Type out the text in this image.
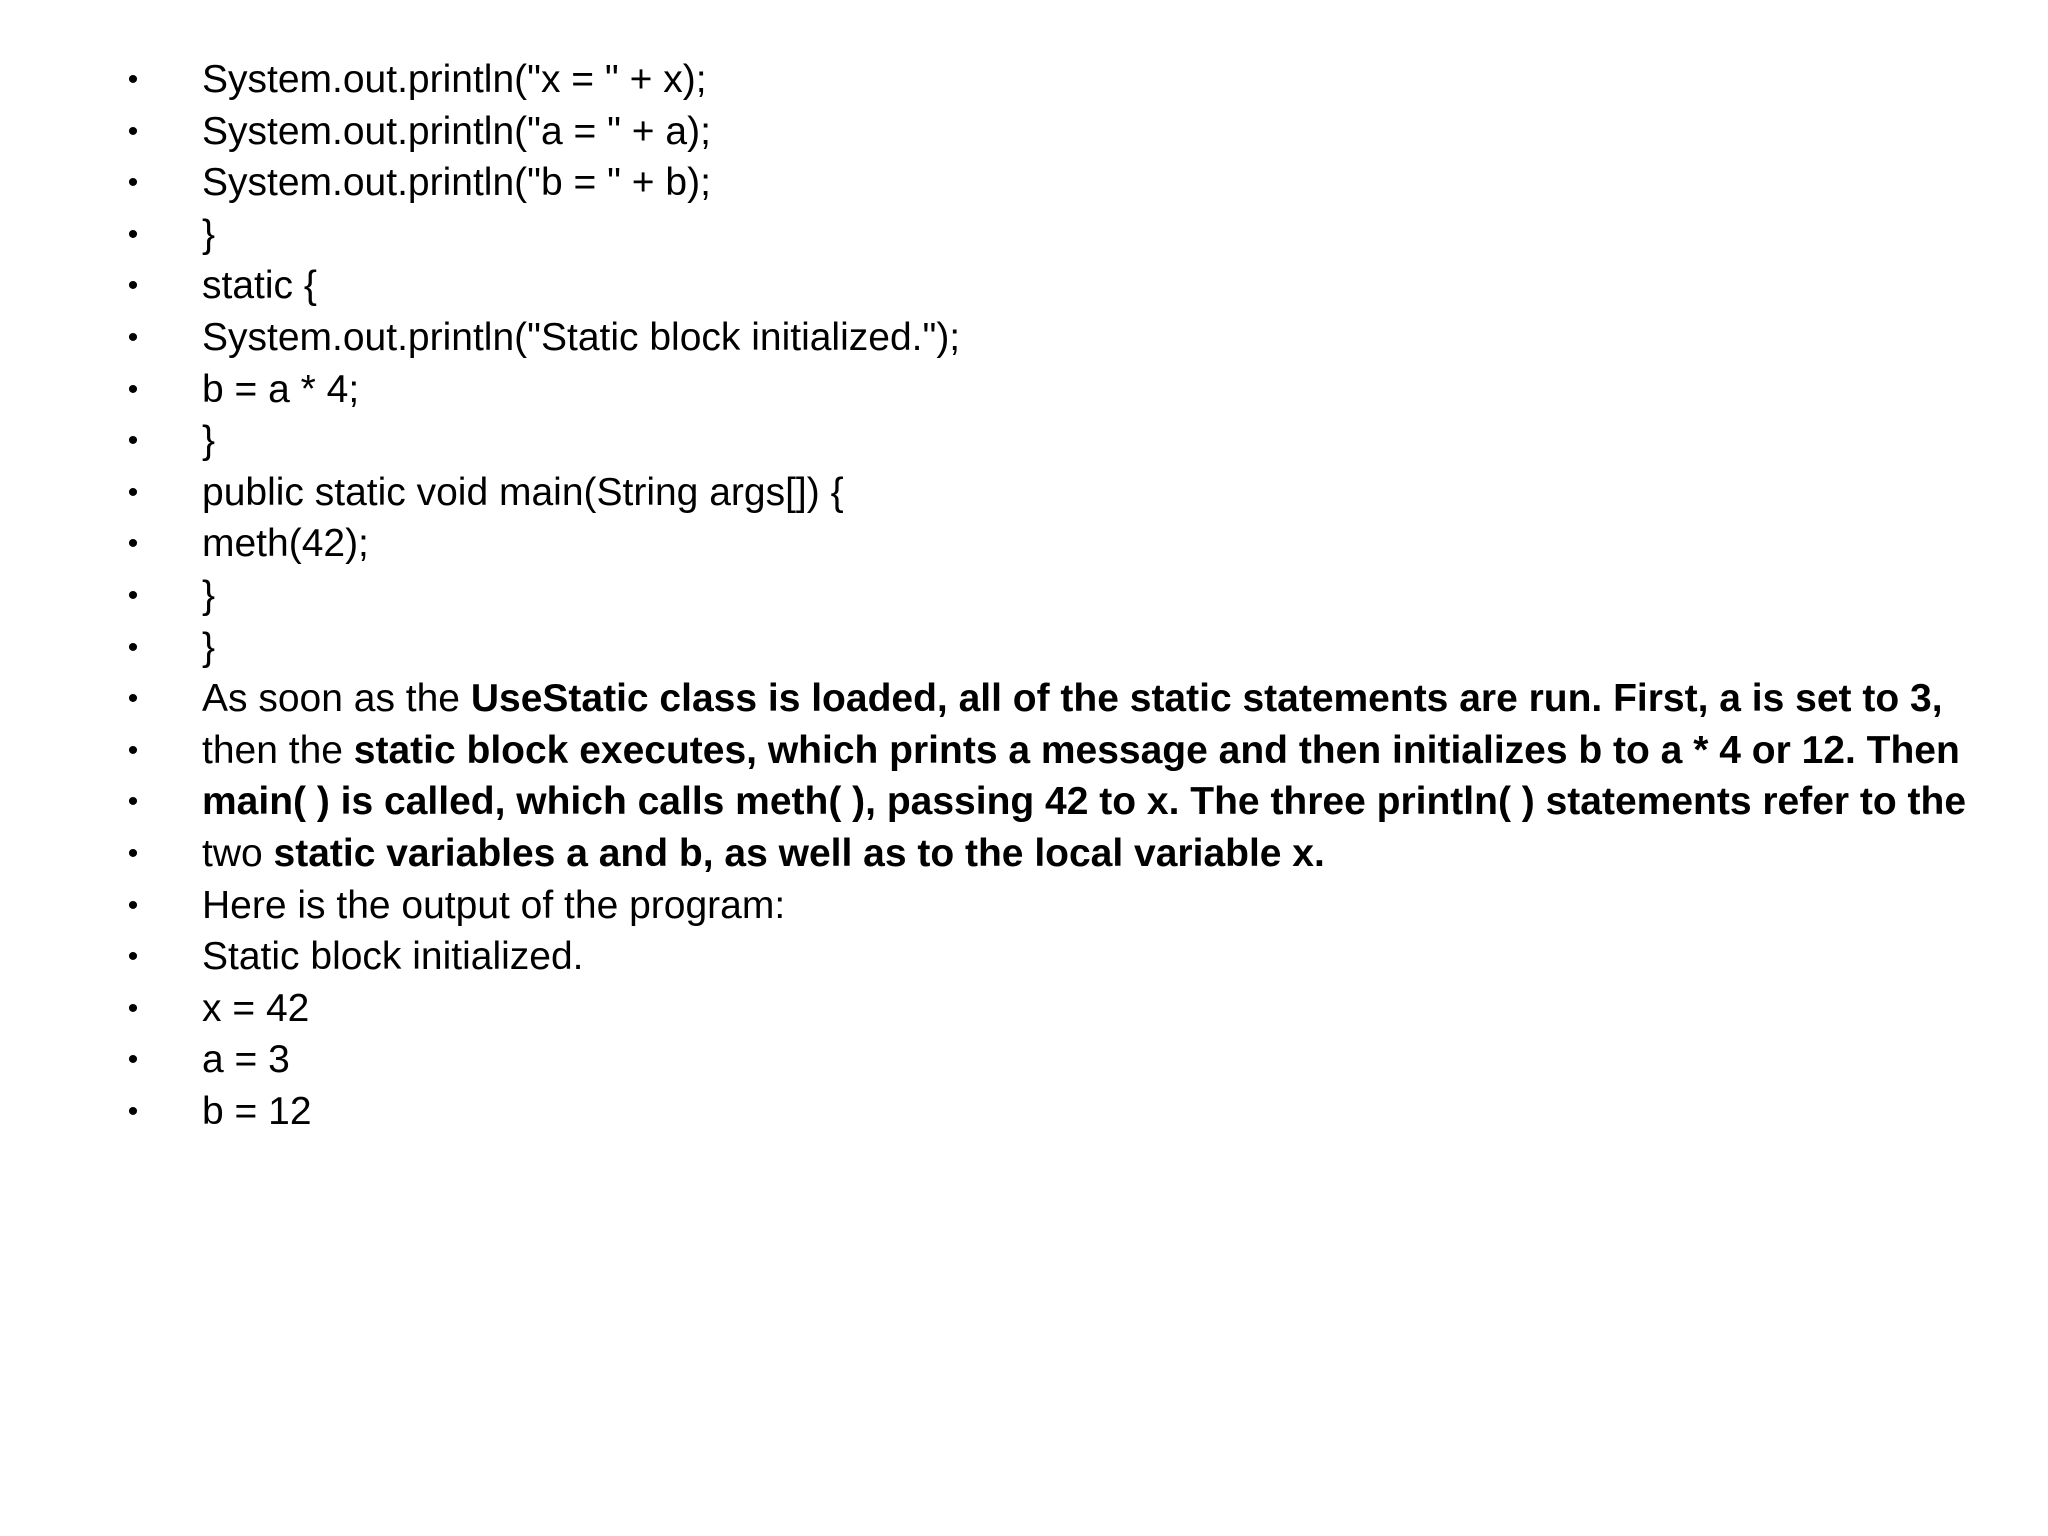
• System.out.println("x = " + x);
• System.out.println("a = " + a);
• System.out.println("b = " + b);
• }
• static {
• System.out.println("Static block initialized.");
• b = a * 4;
• }
• public static void main(String args[]) {
• meth(42);
• }
• }
• As soon as the UseStatic class is loaded, all of the static statements are run. First, a is set to 3,
• then the static block executes, which prints a message and then initializes b to a * 4 or 12. Then
• main( ) is called, which calls meth( ), passing 42 to x. The three println( ) statements refer to the
• two static variables a and b, as well as to the local variable x.
• Here is the output of the program:
• Static block initialized.
• x = 42
• a = 3
• b = 12
